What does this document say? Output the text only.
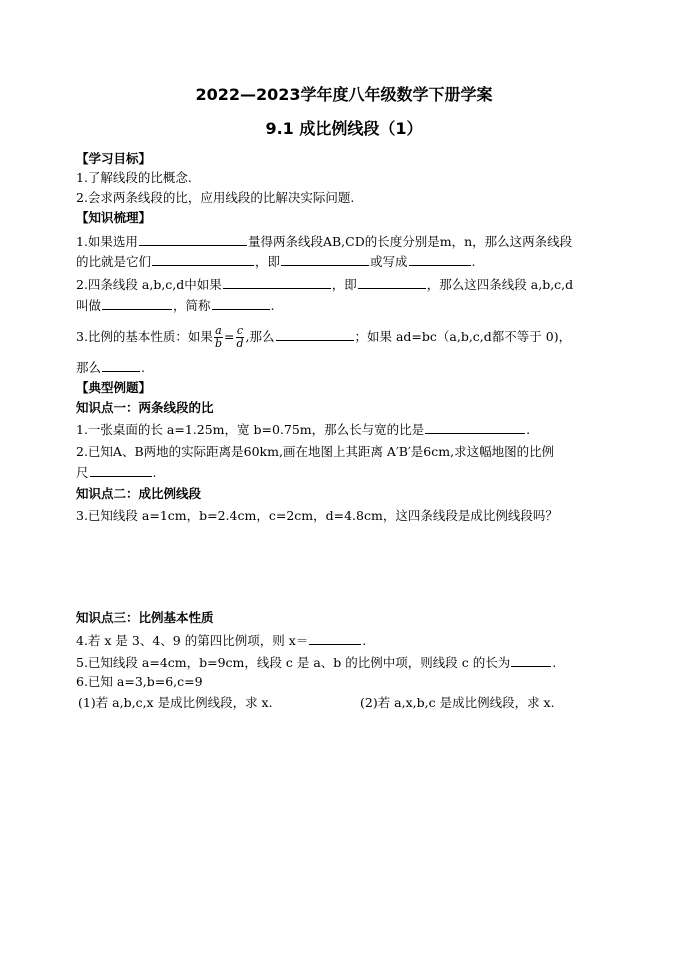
2022—2023学年度八年级数学下册学案
9.1 成比例线段（1）
【学习目标】
1.了解线段的比概念.
2.会求两条线段的比，应用线段的比解决实际问题.
【知识梳理】
1.如果选用	量得两条线段AB,CD的长度分别是m，n，那么这两条线段
的比就是它们	，即	或写成	.
2.四条线段 a,b,c,d中如果	，即	，那么这四条线段 a,b,c,d
叫做	，简称	.
3.比例的基本性质：如果 $\frac{a}{b} = \frac{c}{d}$ ,那么	；如果 ad=bc（a,b,c,d都不等于 0)，
那么	.
【典型例题】
知识点一：两条线段的比
1.一张桌面的长 a=1.25m，宽 b=0.75m，那么长与宽的比是	.
2.已知A、B两地的实际距离是60km,画在地图上其距离 A′B′是6cm,求这幅地图的比例
尺	.
知识点二：成比例线段
3.已知线段 a=1cm，b=2.4cm，c=2cm，d=4.8cm，这四条线段是成比例线段吗？
知识点三：比例基本性质
4.若 x 是 3、4、9 的第四比例项，则 x＝	.
5.已知线段 a=4cm，b=9cm，线段 c 是 a、b 的比例中项，则线段 c 的长为	.
6.已知 a=3,b=6,c=9
(1)若 a,b,c,x 是成比例线段，求 x.	(2)若 a,x,b,c 是成比例线段，求 x.
